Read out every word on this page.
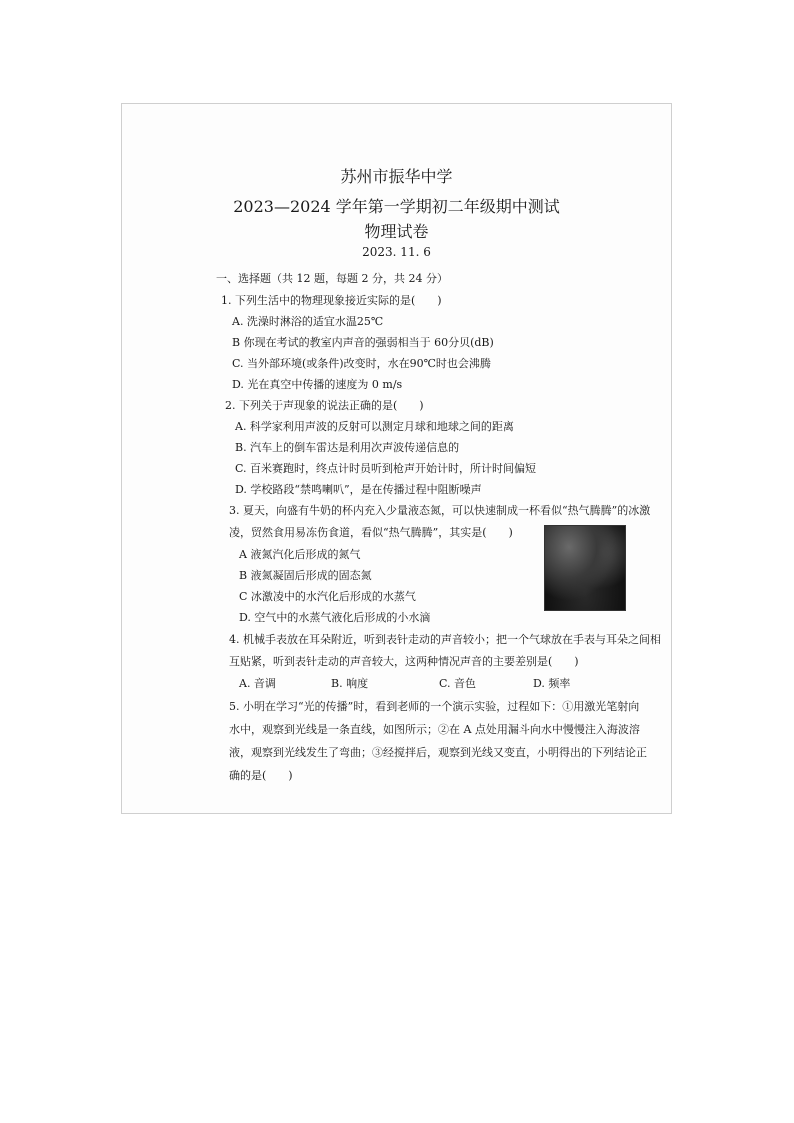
苏州市振华中学
2023—2024 学年第一学期初二年级期中测试
物理试卷
2023. 11. 6
一、选择题（共 12 题，每题 2 分，共 24 分）
1. 下列生活中的物理现象接近实际的是(　　)
A. 洗澡时淋浴的适宜水温25℃
B 你现在考试的教室内声音的强弱相当于 60分贝(dB)
C. 当外部环境(或条件)改变时，水在90℃时也会沸腾
D. 光在真空中传播的速度为 0 m/s
2. 下列关于声现象的说法正确的是(　　)
A. 科学家利用声波的反射可以测定月球和地球之间的距离
B. 汽车上的倒车雷达是利用次声波传递信息的
C. 百米赛跑时，终点计时员听到枪声开始计时，所计时间偏短
D. 学校路段“禁鸣喇叭”，是在传播过程中阻断噪声
3. 夏天，向盛有牛奶的杯内充入少量液态氮，可以快速制成一杯看似“热气腾腾”的冰激
凌，贸然食用易冻伤食道，看似“热气腾腾”，其实是(　　)
A 液氮汽化后形成的氮气
B 液氮凝固后形成的固态氮
C 冰激凌中的水汽化后形成的水蒸气
D. 空气中的水蒸气液化后形成的小水滴
4. 机械手表放在耳朵附近，听到表针走动的声音较小；把一个气球放在手表与耳朵之间相
互贴紧，听到表针走动的声音较大，这两种情况声音的主要差别是(　　)
A. 音调	B. 响度	C. 音色	D. 频率
5. 小明在学习“光的传播”时，看到老师的一个演示实验，过程如下：①用激光笔射向
水中，观察到光线是一条直线，如图所示；②在 A 点处用漏斗向水中慢慢注入海波溶
液，观察到光线发生了弯曲；③经搅拌后，观察到光线又变直，小明得出的下列结论正
确的是(　　)
